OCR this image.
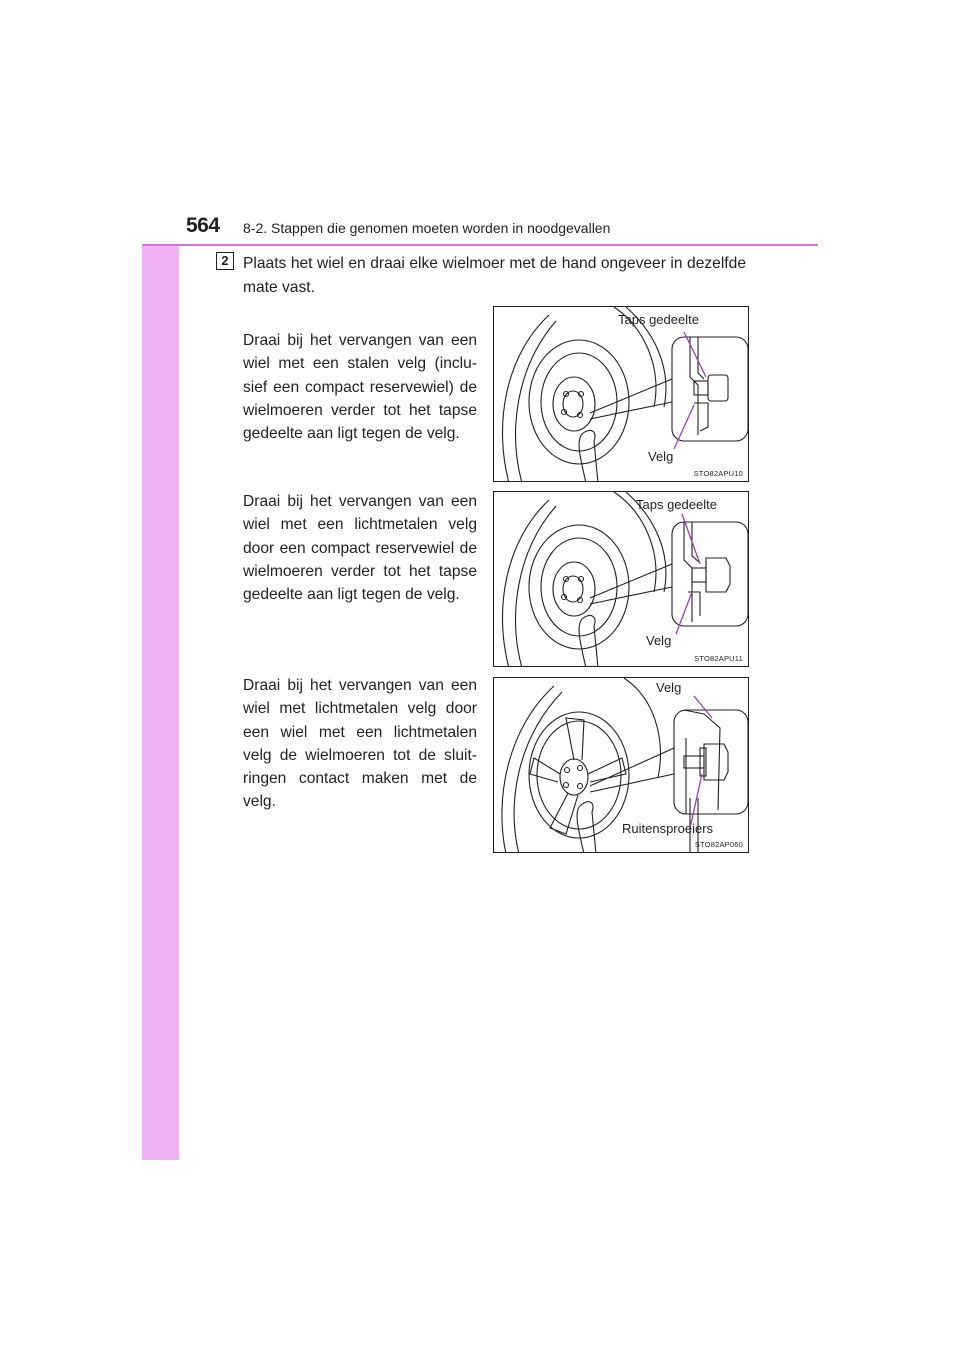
564 8-2. Stappen die genomen moeten worden in noodgevallen
2 Plaats het wiel en draai elke wielmoer met de hand ongeveer in dezelfde mate vast.
Draai bij het vervangen van een wiel met een stalen velg (inclu-sief een compact reservewiel) de wielmoeren verder tot het tapse gedeelte aan ligt tegen de velg.
Taps gedeelte
Velg
STO82APU10
Draai bij het vervangen van een wiel met een lichtmetalen velg door een compact reservewiel de wielmoeren verder tot het tapse gedeelte aan ligt tegen de velg.
Taps gedeelte
Velg
STO82APU11
Draai bij het vervangen van een wiel met lichtmetalen velg door een wiel met een lichtmetalen velg de wielmoeren tot de sluit-ringen contact maken met de velg.
Velg
Ruitensproeiers
STO82AP060
